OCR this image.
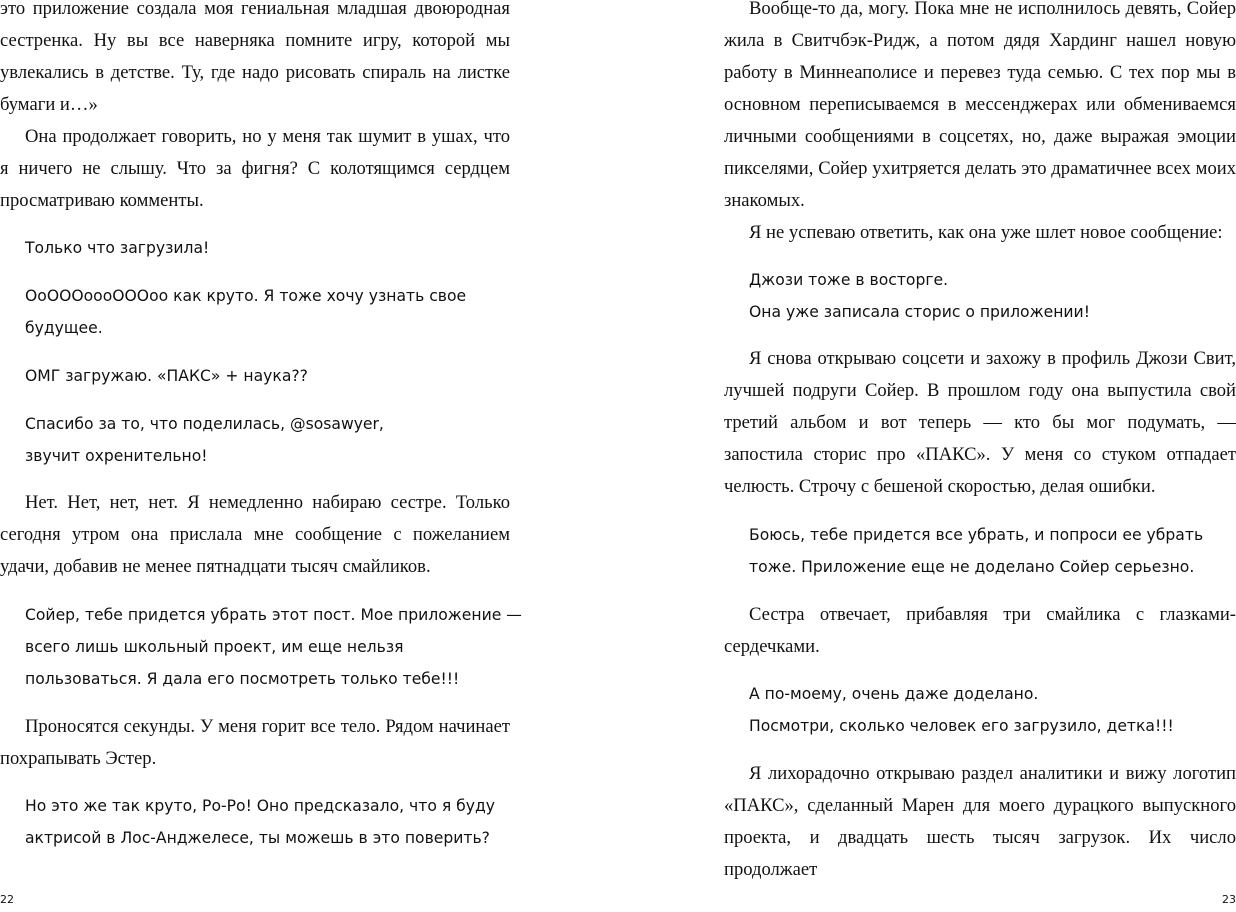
это приложение создала моя гениальная младшая двоюродная сестренка. Ну вы все наверняка помните игру, которой мы увлекались в детстве. Ту, где надо рисовать спираль на листке бумаги и…»

Она продолжает говорить, но у меня так шумит в ушах, что я ничего не слышу. Что за фигня? С колотящимся сердцем просматриваю комменты.

Только что загрузила!
ОоОООоооОООоо как круто. Я тоже хочу узнать свое
будущее.
ОМГ загружаю. «ПАКС» + наука??
Спасибо за то, что поделилась, @sosawyer,
звучит охренительно!

Нет. Нет, нет, нет. Я немедленно набираю сестре. Только сегодня утром она прислала мне сообщение с пожеланием удачи, добавив не менее пятнадцати тысяч смайликов.

Сойер, тебе придется убрать этот пост. Мое приложение —
всего лишь школьный проект, им еще нельзя
пользоваться. Я дала его посмотреть только тебе!!!

Проносятся секунды. У меня горит все тело. Рядом начинает похрапывать Эстер.

Но это же так круто, Ро-Ро! Оно предсказало, что я буду
актрисой в Лос-Анджелесе, ты можешь в это поверить?
22

Вообще-то да, могу. Пока мне не исполнилось девять, Сойер жила в Свитчбэк-Ридж, а потом дядя Хардинг нашел новую работу в Миннеаполисе и перевез туда семью. С тех пор мы в основном переписываемся в мессенджерах или обмениваемся личными сообщениями в соцсетях, но, даже выражая эмоции пикселями, Сойер ухитряется делать это драматичнее всех моих знакомых.

Я не успеваю ответить, как она уже шлет новое сообщение:

Джози тоже в восторге.
Она уже записала сторис о приложении!

Я снова открываю соцсети и захожу в профиль Джози Свит, лучшей подруги Сойер. В прошлом году она выпустила свой третий альбом и вот теперь — кто бы мог подумать, — запостила сторис про «ПАКС». У меня со стуком отпадает челюсть. Строчу с бешеной скоростью, делая ошибки.

Боюсь, тебе придется все убрать, и попроси ее убрать
тоже. Приложение еще не доделано Сойер серьезно.

Сестра отвечает, прибавляя три смайлика с глазками-сердечками.

А по-моему, очень даже доделано.
Посмотри, сколько человек его загрузило, детка!!!

Я лихорадочно открываю раздел аналитики и вижу логотип «ПАКС», сделанный Марен для моего дурацкого выпускного проекта, и двадцать шесть тысяч загрузок. Их число продолжает

23
